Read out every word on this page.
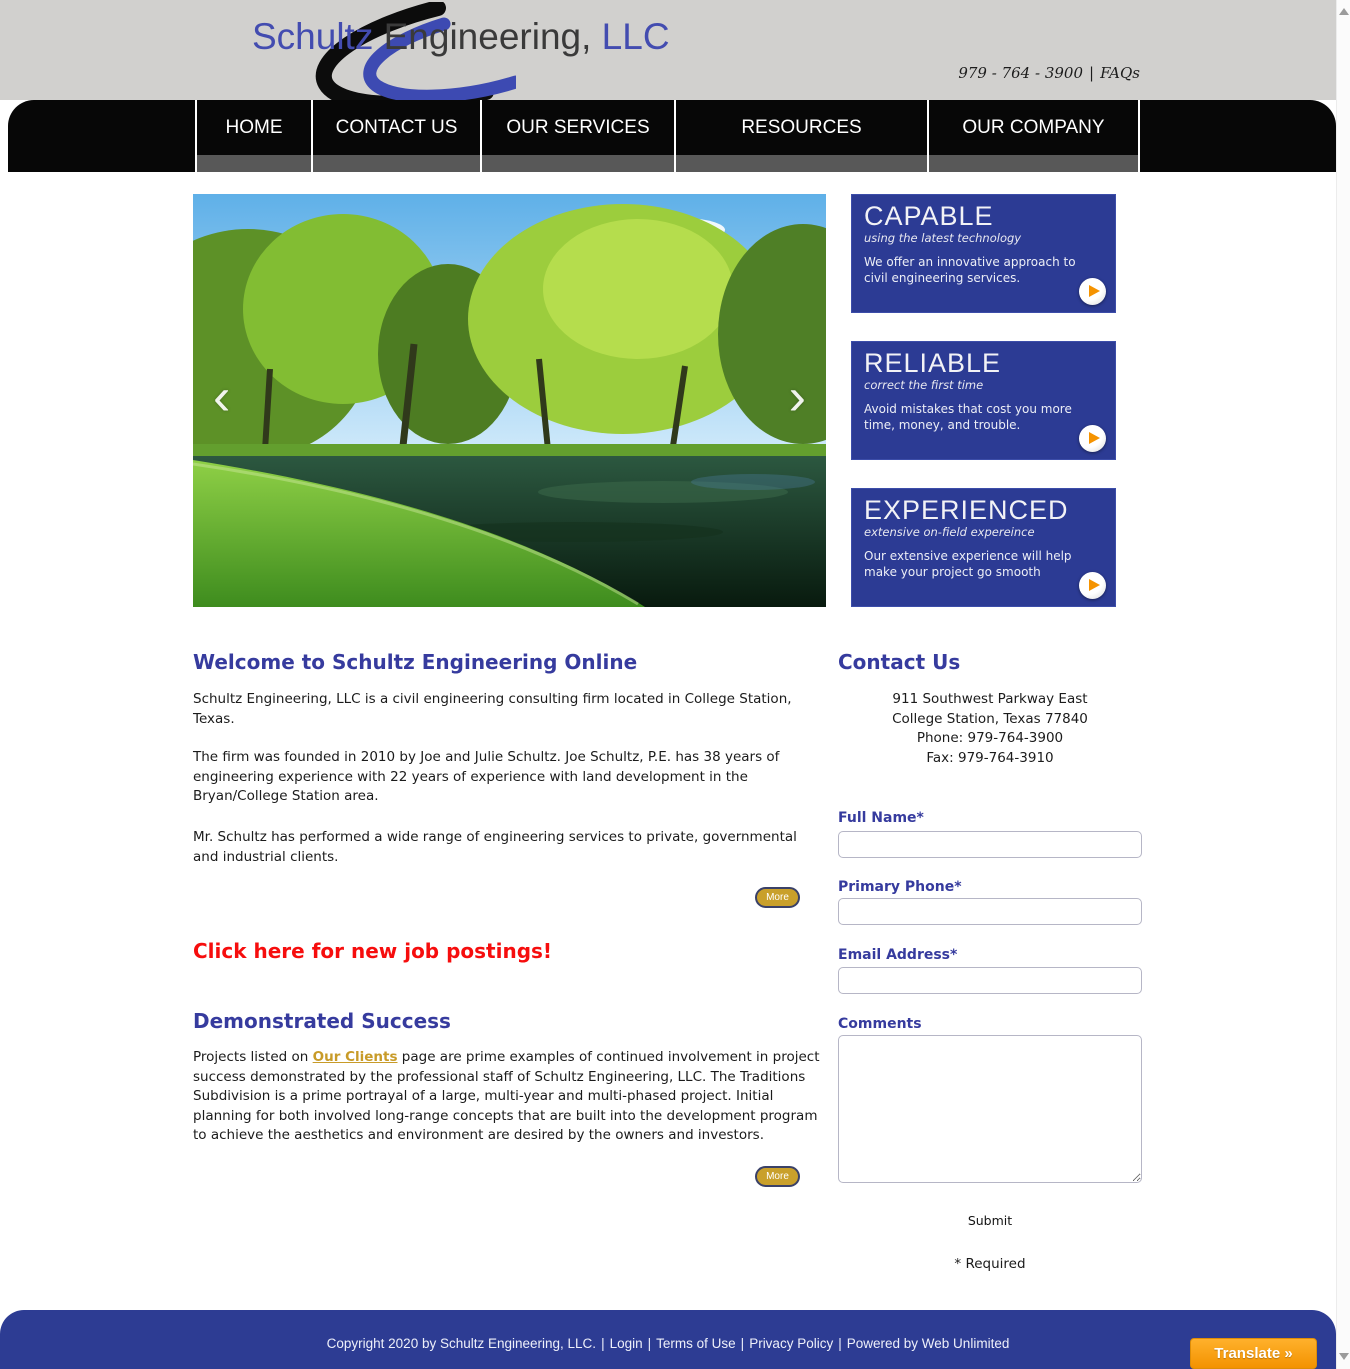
Schultz Engineering, LLC
979 - 764 - 3900 | FAQs
HOME	CONTACT US	OUR SERVICES	RESOURCES	OUR COMPANY
‹	›
CAPABLE
using the latest technology
We offer an innovative approach to civil engineering services.
RELIABLE
correct the first time
Avoid mistakes that cost you more time, money, and trouble.
EXPERIENCED
extensive on-field expereince
Our extensive experience will help make your project go smooth
Welcome to Schultz Engineering Online

Schultz Engineering, LLC is a civil engineering consulting firm located in College Station, Texas.

The firm was founded in 2010 by Joe and Julie Schultz. Joe Schultz, P.E. has 38 years of engineering experience with 22 years of experience with land development in the Bryan/College Station area.

Mr. Schultz has performed a wide range of engineering services to private, governmental and industrial clients.

More
Click here for new job postings!
Demonstrated Success

Projects listed on Our Clients page are prime examples of continued involvement in project success demonstrated by the professional staff of Schultz Engineering, LLC. The Traditions Subdivision is a prime portrayal of a large, multi-year and multi-phased project. Initial planning for both involved long-range concepts that are built into the development program to achieve the aesthetics and environment are desired by the owners and investors.

More
Contact Us
911 Southwest Parkway East
College Station, Texas 77840
Phone: 979-764-3900
Fax: 979-764-3910
Full Name*
Primary Phone*
Email Address*
Comments
Submit
* Required
Copyright 2020 by Schultz Engineering, LLC. | Login | Terms of Use | Privacy Policy | Powered by Web Unlimited
Translate »
